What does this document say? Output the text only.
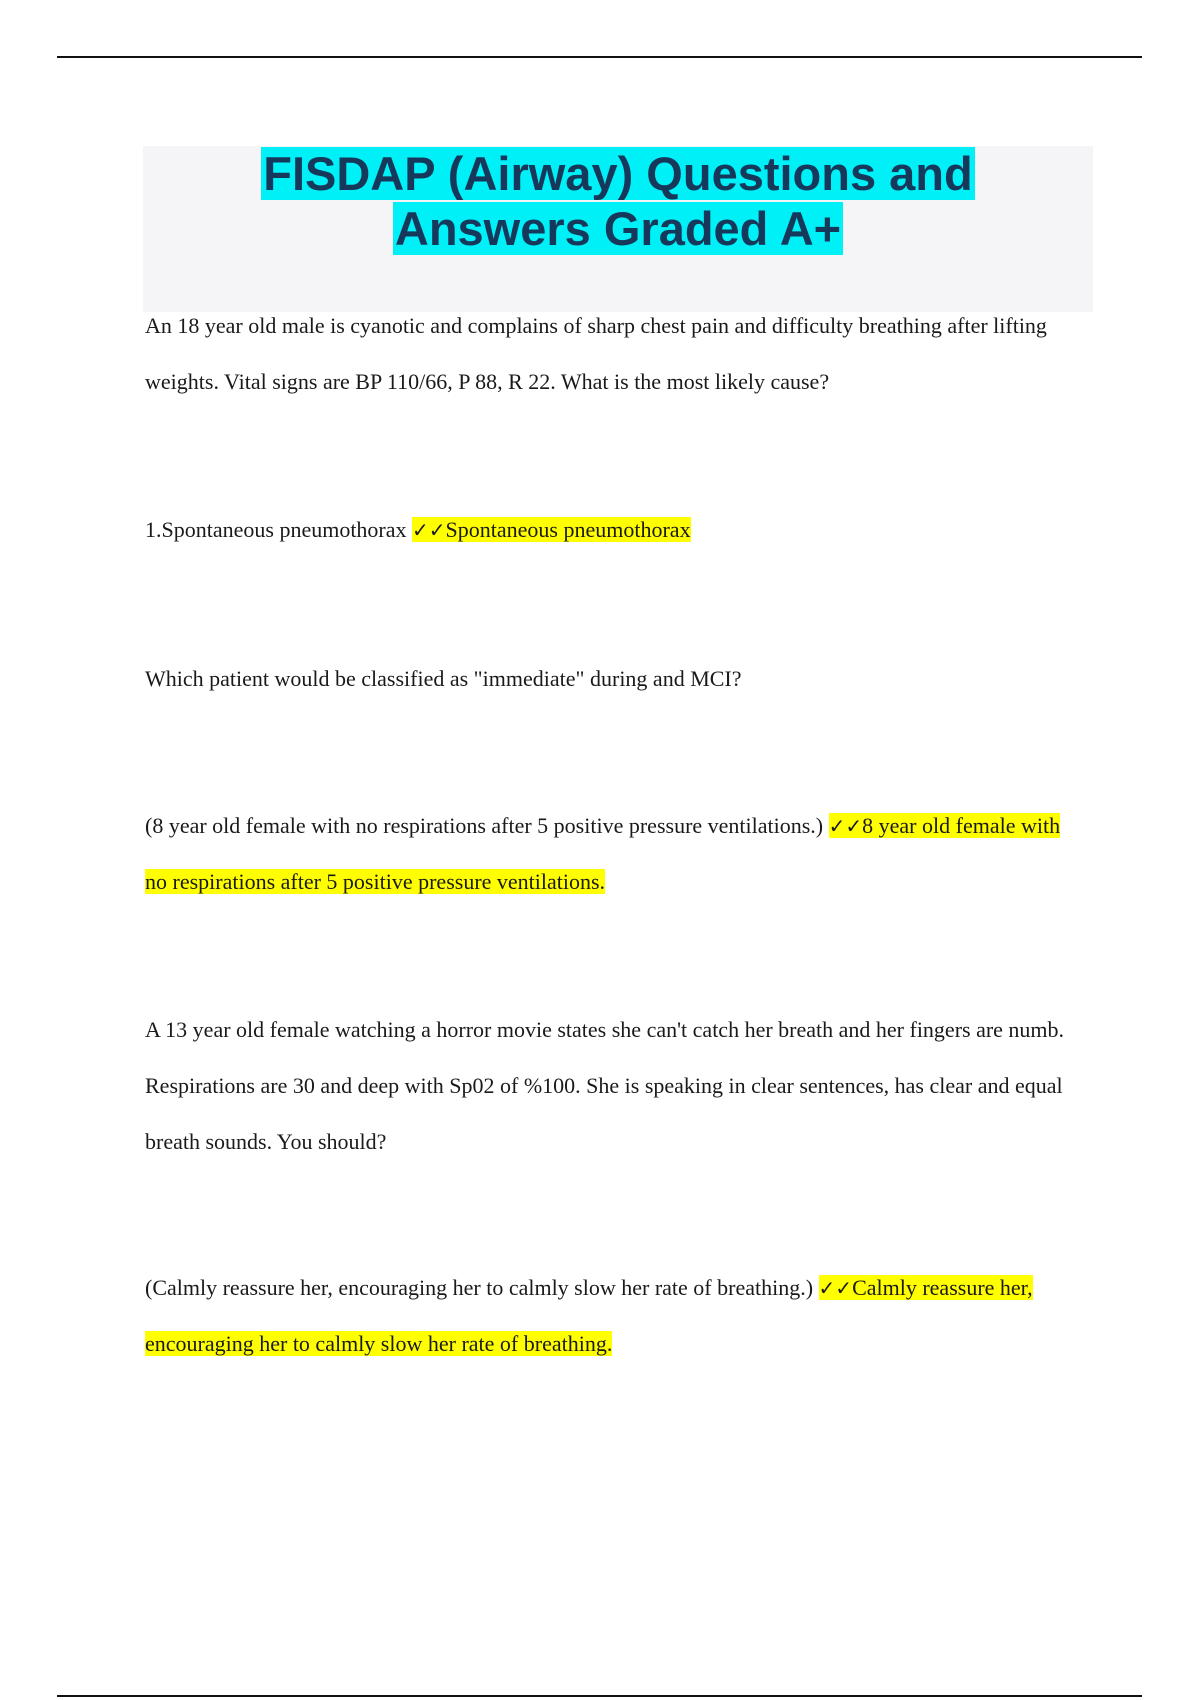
FISDAP (Airway) Questions and
Answers Graded A+

An 18 year old male is cyanotic and complains of sharp chest pain and difficulty breathing after lifting weights. Vital signs are BP 110/66, P 88, R 22. What is the most likely cause?

1.Spontaneous pneumothorax ✓✓Spontaneous pneumothorax

Which patient would be classified as "immediate" during and MCI?

(8 year old female with no respirations after 5 positive pressure ventilations.) ✓✓8 year old female with no respirations after 5 positive pressure ventilations.

A 13 year old female watching a horror movie states she can't catch her breath and her fingers are numb. Respirations are 30 and deep with Sp02 of %100. She is speaking in clear sentences, has clear and equal breath sounds. You should?

(Calmly reassure her, encouraging her to calmly slow her rate of breathing.) ✓✓Calmly reassure her, encouraging her to calmly slow her rate of breathing.
